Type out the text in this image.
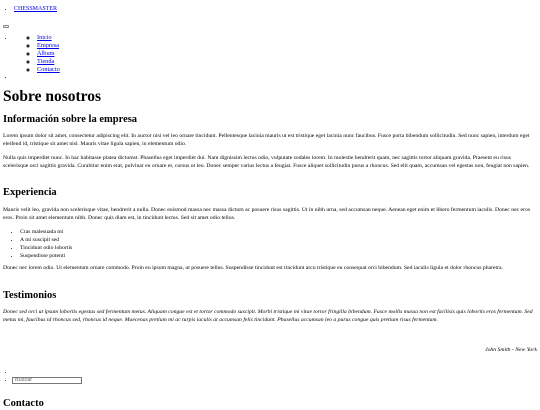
• CHESSMASTER
◦ • Inicio
◦ Empresa
◦ Álbum
◦ Tienda
◦ Contacto
•
Sobre nosotros
Información sobre la empresa

Lorem ipsum dolor sit amet, consectetur adipiscing elit. In auctor nisi vel leo ornare tincidunt. Pellentesque lacinia mauris ut est tristique eget lacinia nunc faucibus. Fusce porta bibendum sollicitudin. Sed nunc sapien, interdum eget eleifend id, tristique sit amet nisl. Mauris vitae ligula sapien, in elementum odio.

Nulla quis imperdiet nunc. In hac habitasse platea dictumst. Phasellus eget imperdiet dui. Nam dignissim lectus odio, vulputate sodales lorem. In molestie hendrerit quam, nec sagittis tortor aliquam gravida. Praesent eu risus scelerisque orci sagittis gravida. Curabitur enim erat, pulvinar eu ornare et, cursus ut leo. Donec semper varius lectus a feugiat. Fusce aliquet sollicitudin purus a rhoncus. Sed elit quam, accumsan vel egestas non, feugiat non sapien.

Experiencia

Mauris velit leo, gravida non scelerisque vitae, hendrerit a nulla. Donec euismod massa nec massa dictum ac posuere risus sagittis. Ut in nibh urna, sed accumsan neque. Aenean eget enim et libero fermentum iaculis. Donec nec eros eros. Proin sit amet elementum nibh. Donec quis diam est, in tincidunt lectus. Sed sit amet odio tellus.

• Cras malesuada mi
• A mi suscipit sed
• Tincidunt odio lobortis
• Suspendisse potenti

Donec nec lorem odio. Ut elementum ornare commodo. Proin eu ipsum magna, ut posuere tellus. Suspendisse tincidunt est tincidunt arcu tristique eu consequat orci bibendum. Sed iaculis ligula et dolor rhoncus pharetra.

Testimonios
Donec sed orci ut ipsum lobortis egestas sed fermentum metus. Aliquam congue est et tortor commodo suscipit. Morbi tristique mi vitae tortor fringilla bibendum. Fusce mollis massa non est facilisis quis lobortis eros fermentum. Sed metus mi, faucibus id rhoncus sed, rhoncus id neque. Maecenas pretium mi ac turpis iaculis at accumsan felis tincidunt. Phasellus accumsan leo a purus congue quis pretium risus fermentum.
John Smith - New York
•
• Buscar
Contacto
